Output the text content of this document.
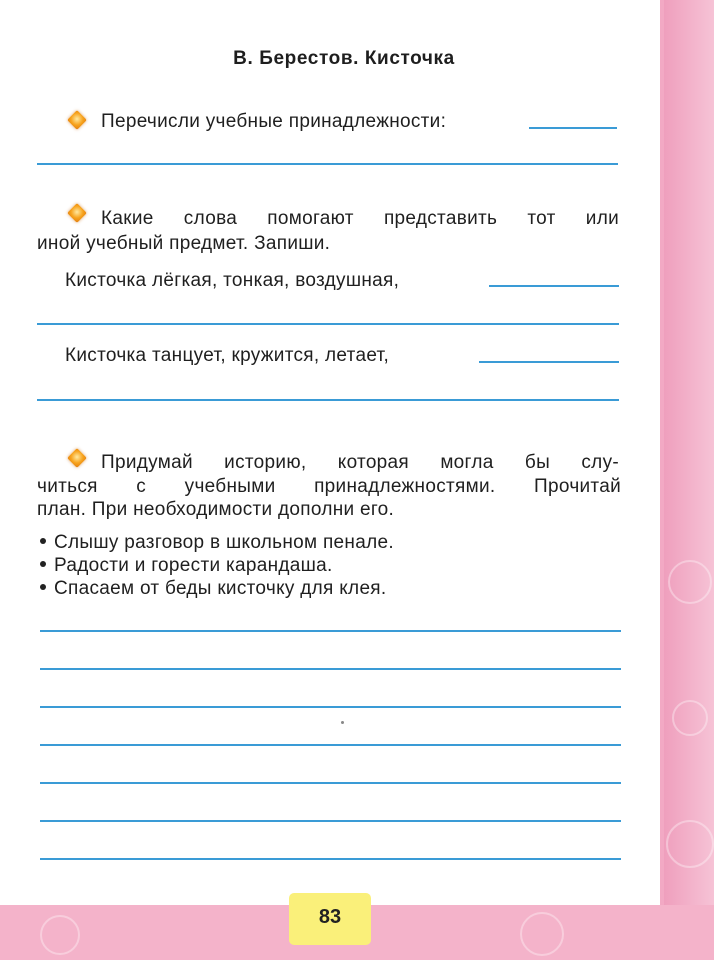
В. Берестов. Кисточка
Перечисли учебные принадлежности:
Какие слова помогают представить тот или
иной учебный предмет. Запиши.
Кисточка лёгкая, тонкая, воздушная,
Кисточка танцует, кружится, летает,
Придумай историю, которая могла бы слу-
читься с учебными принадлежностями. Прочитай
план. При необходимости дополни его.
Слышу разговор в школьном пенале.
Радости и горести карандаша.
Спасаем от беды кисточку для клея.
83
